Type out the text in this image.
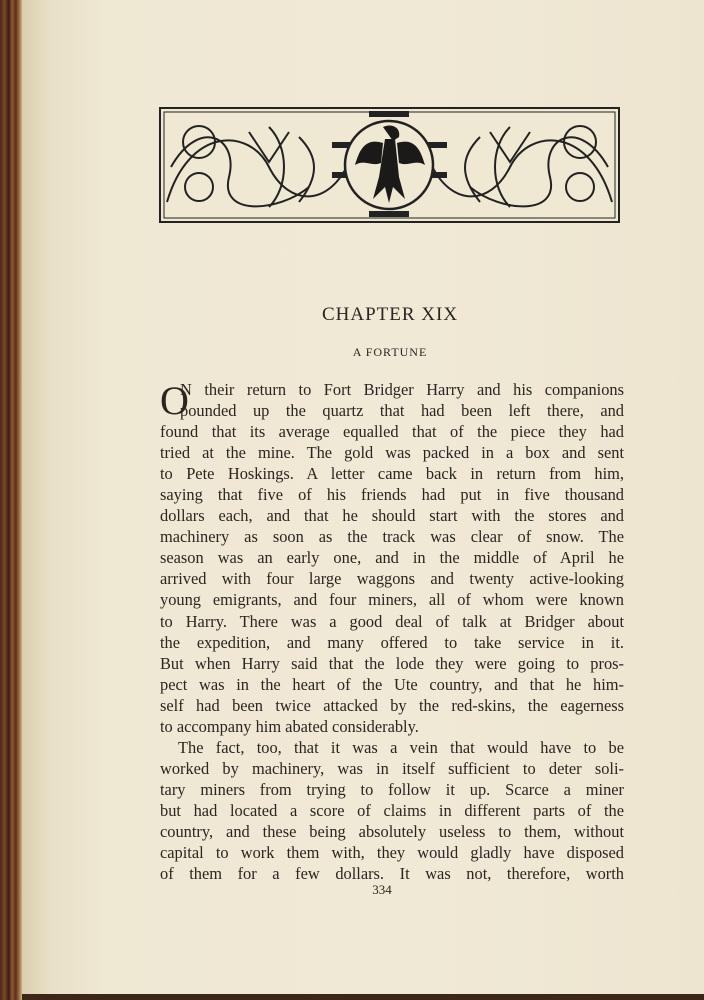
CHAPTER XIX
A FORTUNE
O
N their return to Fort Bridger Harry and his companions
pounded up the quartz that had been left there, and
found that its average equalled that of the piece they had
tried at the mine. The gold was packed in a box and sent
to Pete Hoskings. A letter came back in return from him,
saying that five of his friends had put in five thousand
dollars each, and that he should start with the stores and
machinery as soon as the track was clear of snow. The
season was an early one, and in the middle of April he
arrived with four large waggons and twenty active-looking
young emigrants, and four miners, all of whom were known
to Harry. There was a good deal of talk at Bridger about
the expedition, and many offered to take service in it.
But when Harry said that the lode they were going to pros-
pect was in the heart of the Ute country, and that he him-
self had been twice attacked by the red-skins, the eagerness
to accompany him abated considerably.
The fact, too, that it was a vein that would have to be
worked by machinery, was in itself sufficient to deter soli-
tary miners from trying to follow it up. Scarce a miner
but had located a score of claims in different parts of the
country, and these being absolutely useless to them, without
capital to work them with, they would gladly have disposed
of them for a few dollars. It was not, therefore, worth
334
